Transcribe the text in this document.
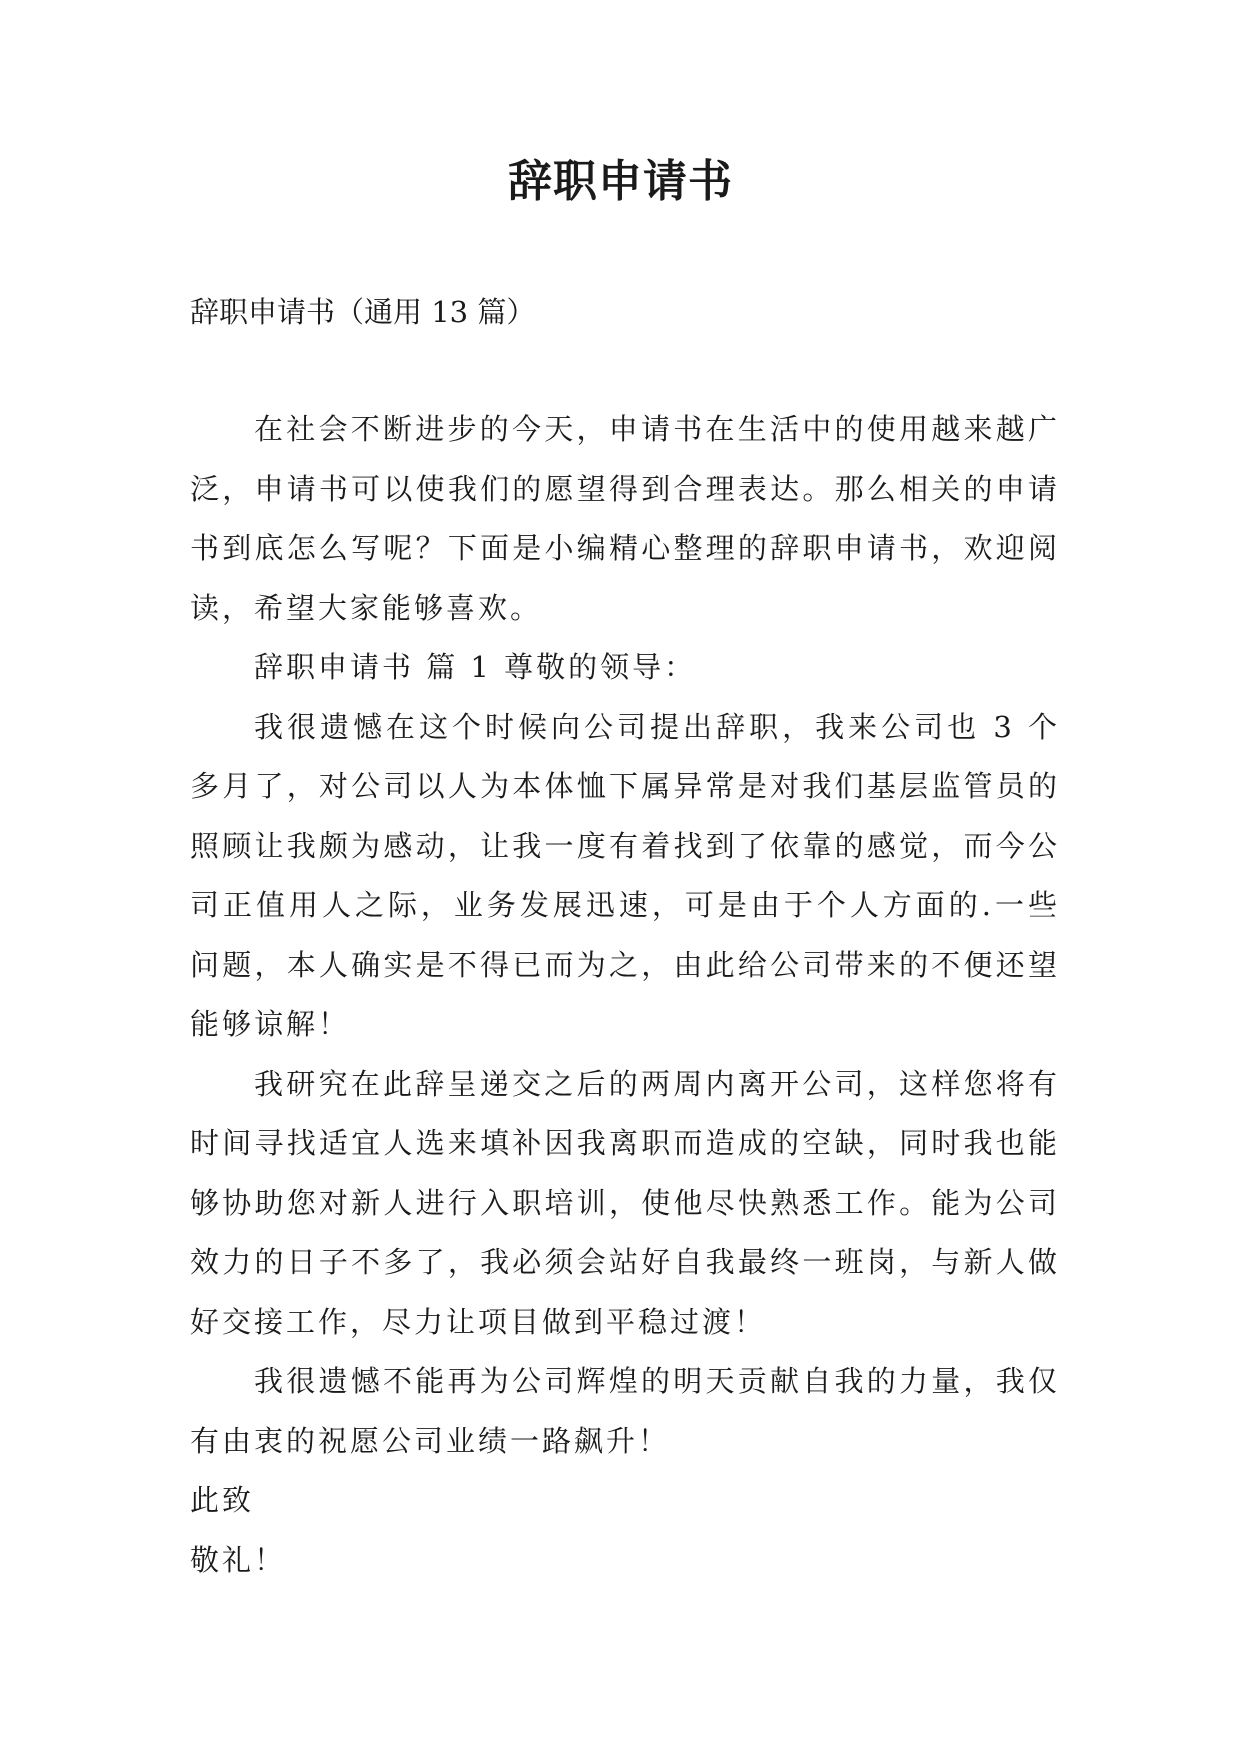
辞职申请书
辞职申请书（通用 13 篇）

在社会不断进步的今天，申请书在生活中的使用越来越广泛，申请书可以使我们的愿望得到合理表达。那么相关的申请书到底怎么写呢？下面是小编精心整理的辞职申请书，欢迎阅读，希望大家能够喜欢。

辞职申请书 篇 1 尊敬的领导：

我很遗憾在这个时候向公司提出辞职，我来公司也 3 个多月了，对公司以人为本体恤下属异常是对我们基层监管员的照顾让我颇为感动，让我一度有着找到了依靠的感觉，而今公司正值用人之际，业务发展迅速，可是由于个人方面的.一些问题，本人确实是不得已而为之，由此给公司带来的不便还望能够谅解！

我研究在此辞呈递交之后的两周内离开公司，这样您将有时间寻找适宜人选来填补因我离职而造成的空缺，同时我也能够协助您对新人进行入职培训，使他尽快熟悉工作。能为公司效力的日子不多了，我必须会站好自我最终一班岗，与新人做好交接工作，尽力让项目做到平稳过渡！

我很遗憾不能再为公司辉煌的明天贡献自我的力量，我仅有由衷的祝愿公司业绩一路飙升！

此致

敬礼！
